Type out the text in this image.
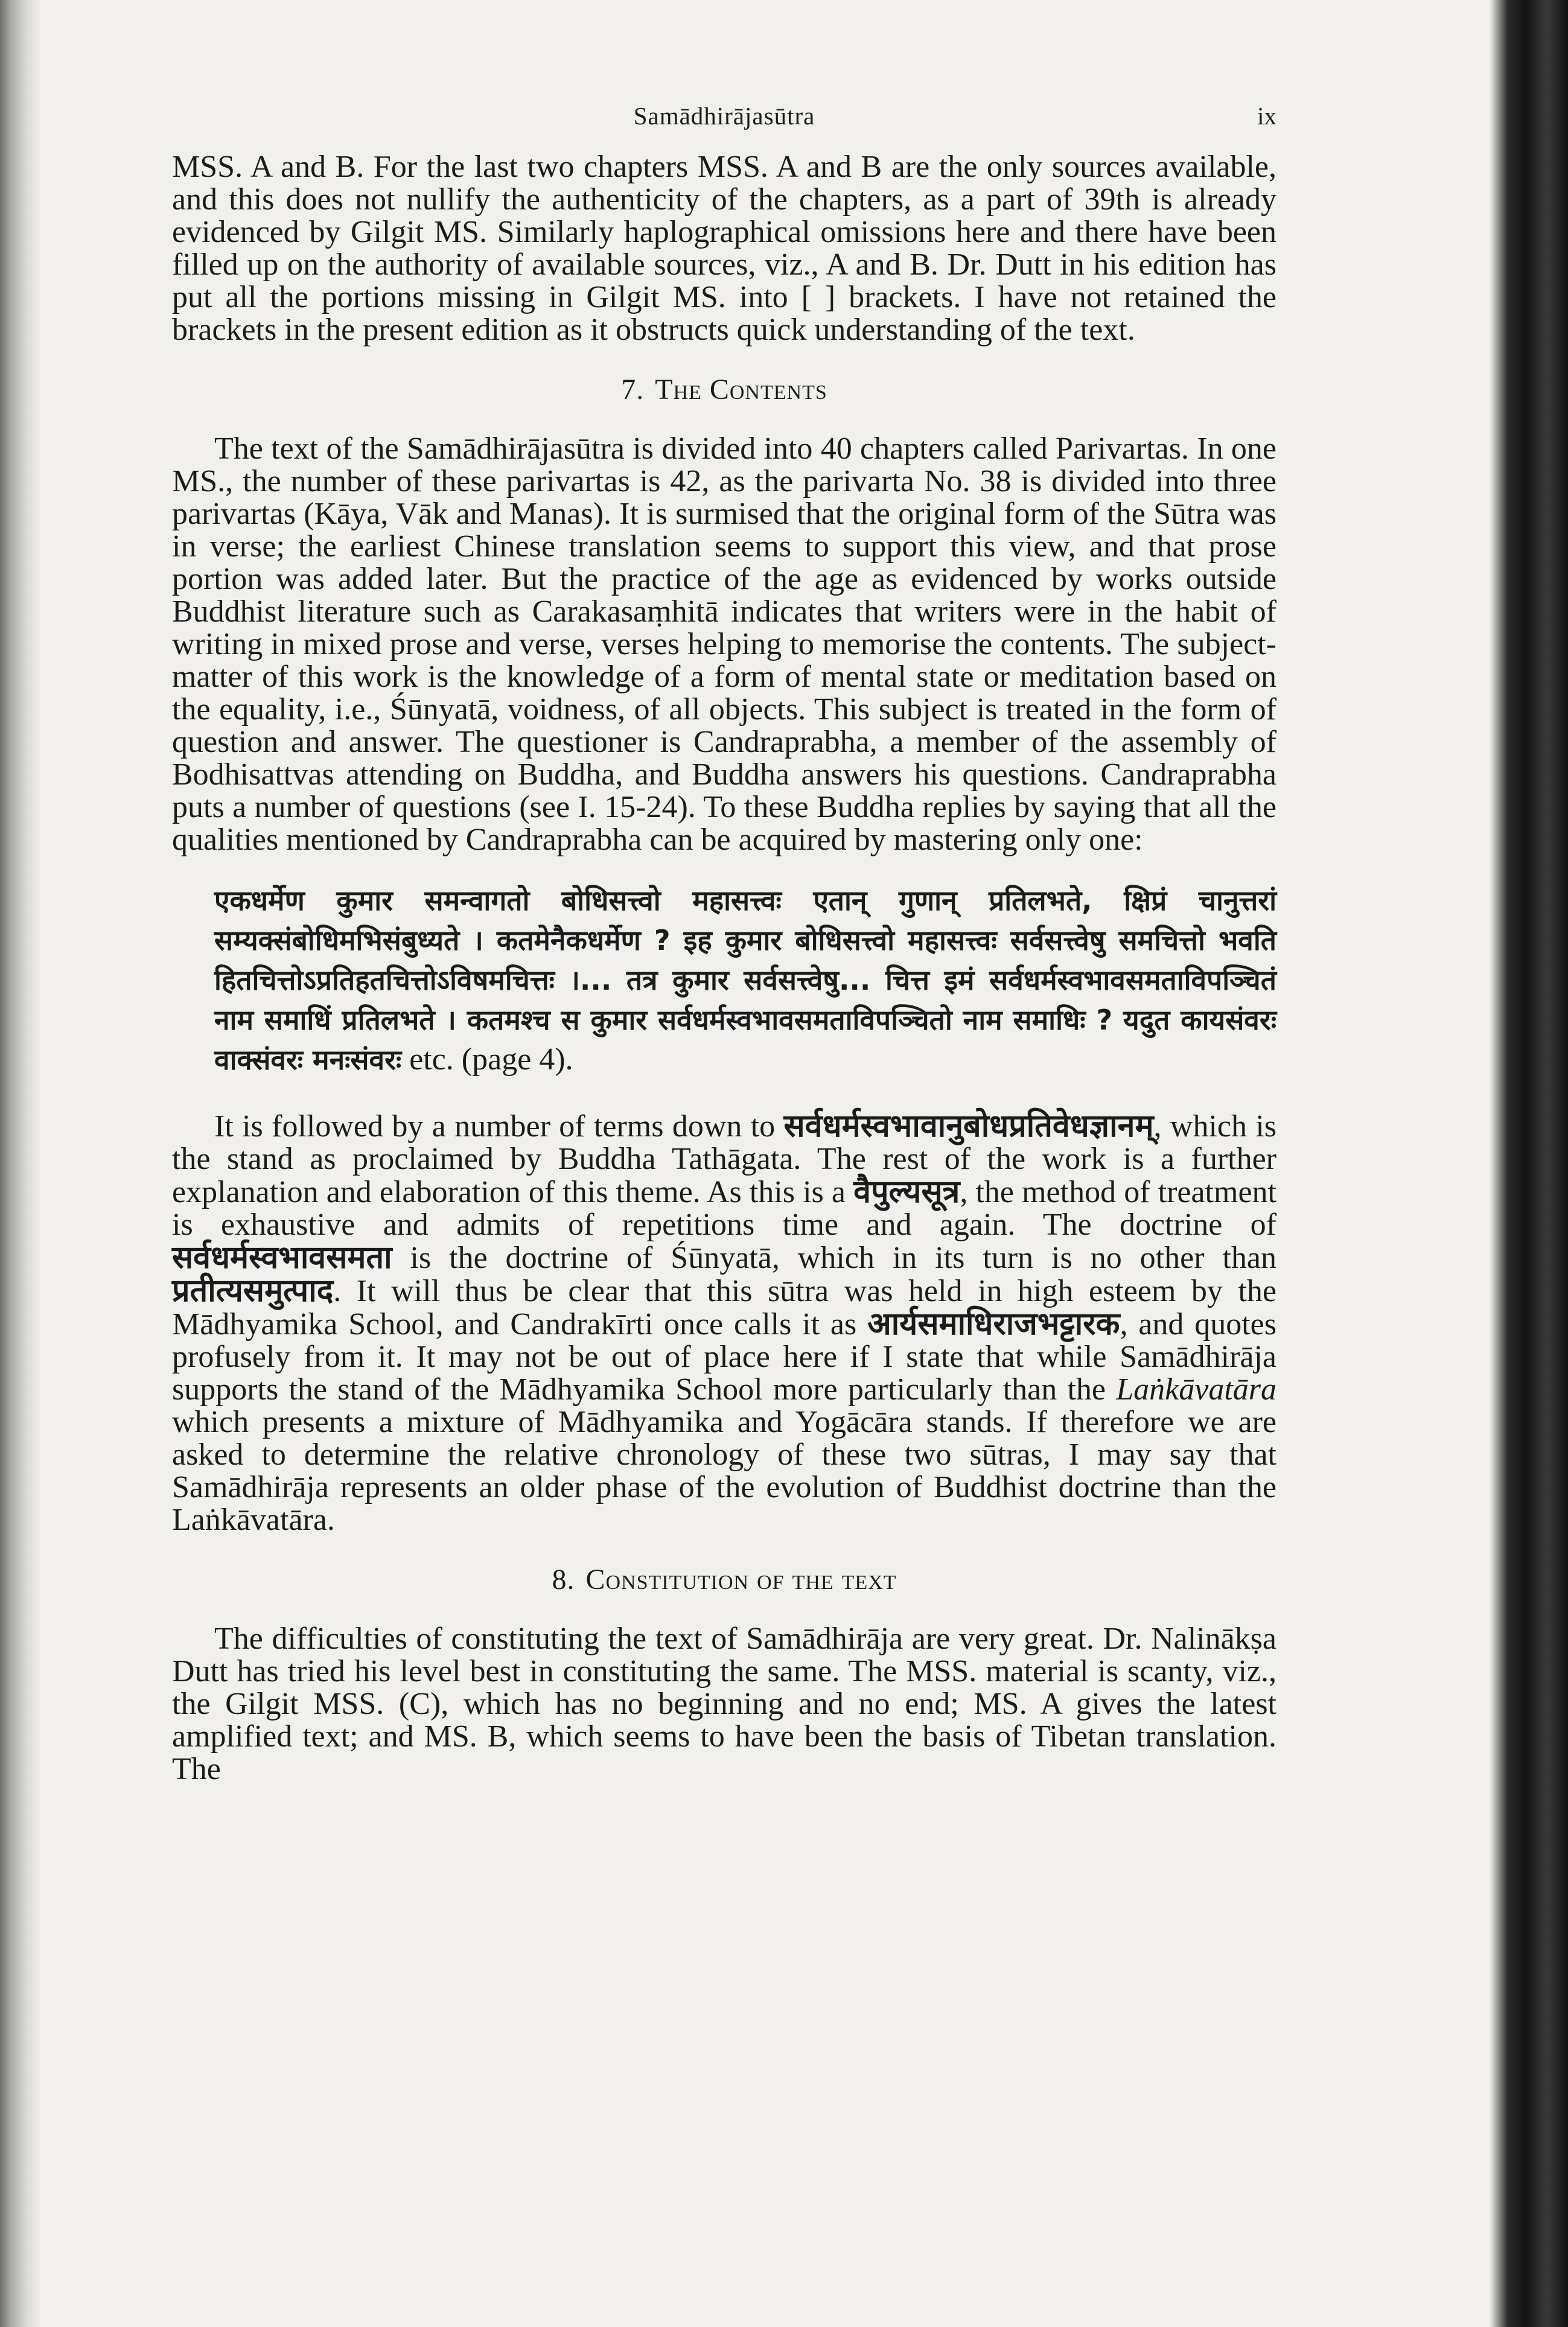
Samādhirājasūtra	ix

MSS. A and B. For the last two chapters MSS. A and B are the only sources available, and this does not nullify the authenticity of the chapters, as a part of 39th is already evidenced by Gilgit MS. Similarly haplographical omissions here and there have been filled up on the authority of available sources, viz., A and B. Dr. Dutt in his edition has put all the portions missing in Gilgit MS. into [ ] brackets. I have not retained the brackets in the present edition as it obstructs quick understanding of the text.

7. The Contents

The text of the Samādhirājasūtra is divided into 40 chapters called Parivartas. In one MS., the number of these parivartas is 42, as the parivarta No. 38 is divided into three parivartas (Kāya, Vāk and Manas). It is surmised that the original form of the Sūtra was in verse; the earliest Chinese translation seems to support this view, and that prose portion was added later. But the practice of the age as evidenced by works outside Buddhist literature such as Carakasaṃhitā indicates that writers were in the habit of writing in mixed prose and verse, verses helping to memorise the contents. The subject-matter of this work is the knowledge of a form of mental state or meditation based on the equality, i.e., Śūnyatā, voidness, of all objects. This subject is treated in the form of question and answer. The questioner is Candraprabha, a member of the assembly of Bodhisattvas attending on Buddha, and Buddha answers his questions. Candraprabha puts a number of questions (see I. 15-24). To these Buddha replies by saying that all the qualities mentioned by Candraprabha can be acquired by mastering only one:

एकधर्मेण कुमार समन्वागतो बोधिसत्त्वो महासत्त्वः एतान् गुणान् प्रतिलभते, क्षिप्रं चानुत्तरां सम्यक्संबोधिमभिसंबुध्यते । कतमेनैकधर्मेण ? इह कुमार बोधिसत्त्वो महासत्त्वः सर्वसत्त्वेषु समचित्तो भवति हितचित्तोऽप्रतिहतचित्तोऽविषमचित्तः ।... तत्र कुमार सर्वसत्त्वेषु... चित्त इमं सर्वधर्मस्वभावसमताविपञ्चितं नाम समाधिं प्रतिलभते । कतमश्च स कुमार सर्वधर्मस्वभावसमताविपञ्चितो नाम समाधिः ? यदुत कायसंवरः वाक्संवरः मनःसंवरः etc. (page 4).

It is followed by a number of terms down to सर्वधर्मस्वभावानुबोधप्रतिवेधज्ञानम्, which is the stand as proclaimed by Buddha Tathāgata. The rest of the work is a further explanation and elaboration of this theme. As this is a वैपुल्यसूत्र, the method of treatment is exhaustive and admits of repetitions time and again. The doctrine of सर्वधर्मस्वभावसमता is the doctrine of Śūnyatā, which in its turn is no other than प्रतीत्यसमुत्पाद. It will thus be clear that this sūtra was held in high esteem by the Mādhyamika School, and Candrakīrti once calls it as आर्यसमाधिराजभट्टारक, and quotes profusely from it. It may not be out of place here if I state that while Samādhirāja supports the stand of the Mādhyamika School more particularly than the Laṅkāvatāra which presents a mixture of Mādhyamika and Yogācāra stands. If therefore we are asked to determine the relative chronology of these two sūtras, I may say that Samādhirāja represents an older phase of the evolution of Buddhist doctrine than the Laṅkāvatāra.

8. Constitution of the text

The difficulties of constituting the text of Samādhirāja are very great. Dr. Nalinākṣa Dutt has tried his level best in constituting the same. The MSS. material is scanty, viz., the Gilgit MSS. (C), which has no beginning and no end; MS. A gives the latest amplified text; and MS. B, which seems to have been the basis of Tibetan translation. The
